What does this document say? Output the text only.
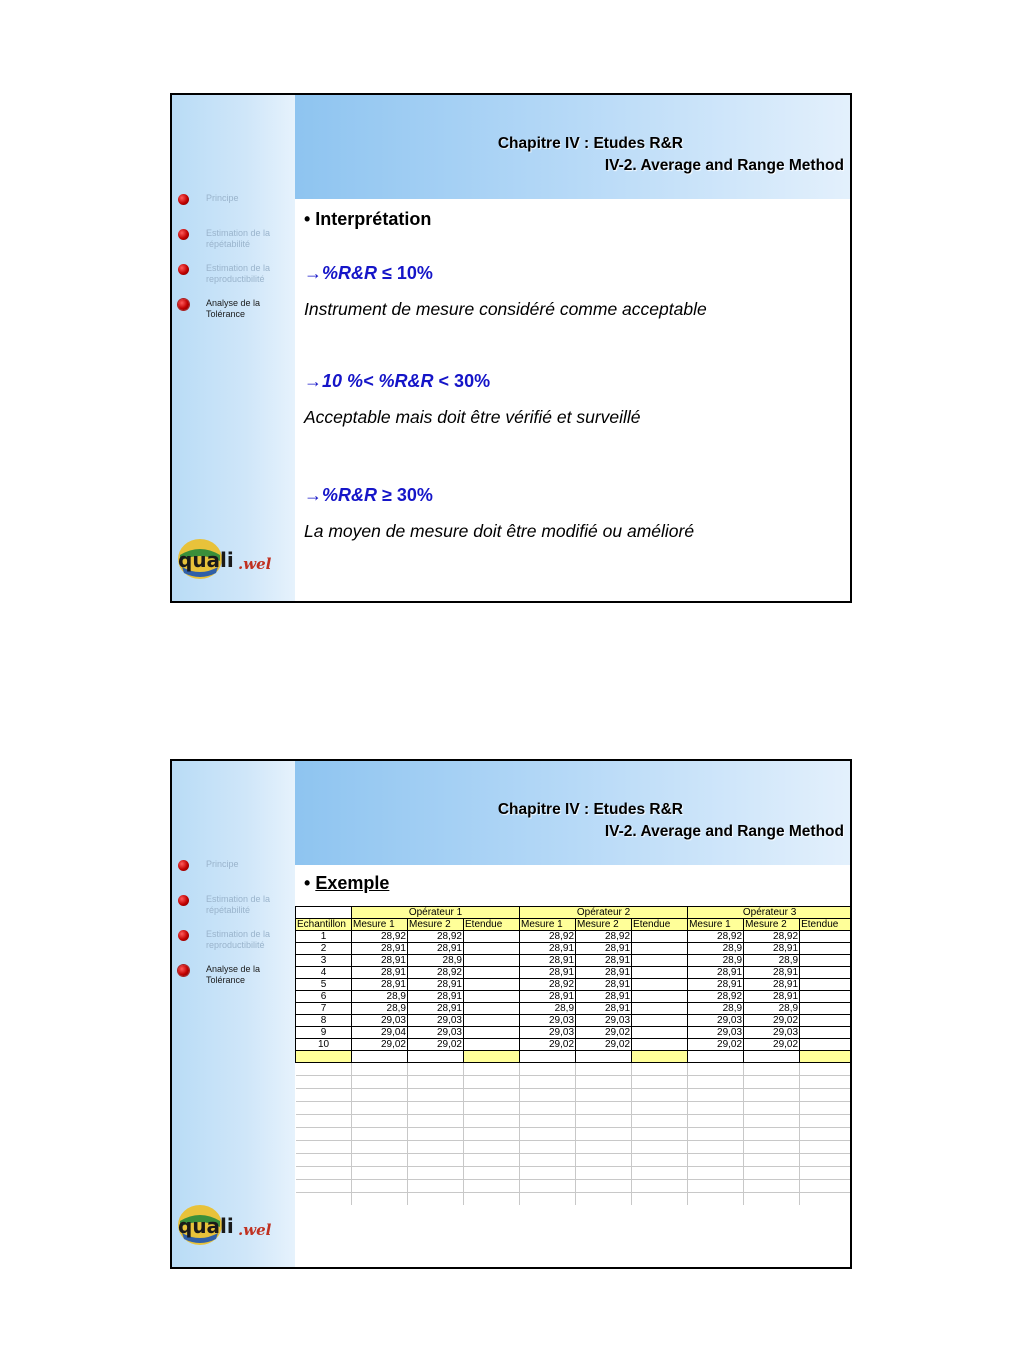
Chapitre IV : Etudes R&R
IV-2. Average and Range Method
Principe
Estimation de la
répétabilité
Estimation de la
reproductibilité
Analyse de la
Tolérance
• Interprétation
→%R&R ≤ 10%
Instrument de mesure considéré comme acceptable
→10 %< %R&R < 30%
Acceptable mais doit être vérifié et surveillé
→%R&R ≥ 30%
La moyen de mesure doit être modifié ou amélioré
quali .wel
Chapitre IV : Etudes R&R
IV-2. Average and Range Method
Principe
Estimation de la
répétabilité
Estimation de la
reproductibilité
Analyse de la
Tolérance
• Exemple
	Opérateur 1			Opérateur 2			Opérateur 3		
Echantillon	Mesure 1	Mesure 2	Etendue	Mesure 1	Mesure 2	Etendue	Mesure 1	Mesure 2	Etendue
1	28,92	28,92		28,92	28,92		28,92	28,92	
2	28,91	28,91		28,91	28,91		28,9	28,91	
3	28,91	28,9		28,91	28,91		28,9	28,9	
4	28,91	28,92		28,91	28,91		28,91	28,91	
5	28,91	28,91		28,92	28,91		28,91	28,91	
6	28,9	28,91		28,91	28,91		28,92	28,91	
7	28,9	28,91		28,9	28,91		28,9	28,9	
8	29,03	29,03		29,03	29,03		29,03	29,02	
9	29,04	29,03		29,03	29,02		29,03	29,03	
10	29,02	29,02		29,02	29,02		29,02	29,02	

quali .wel
